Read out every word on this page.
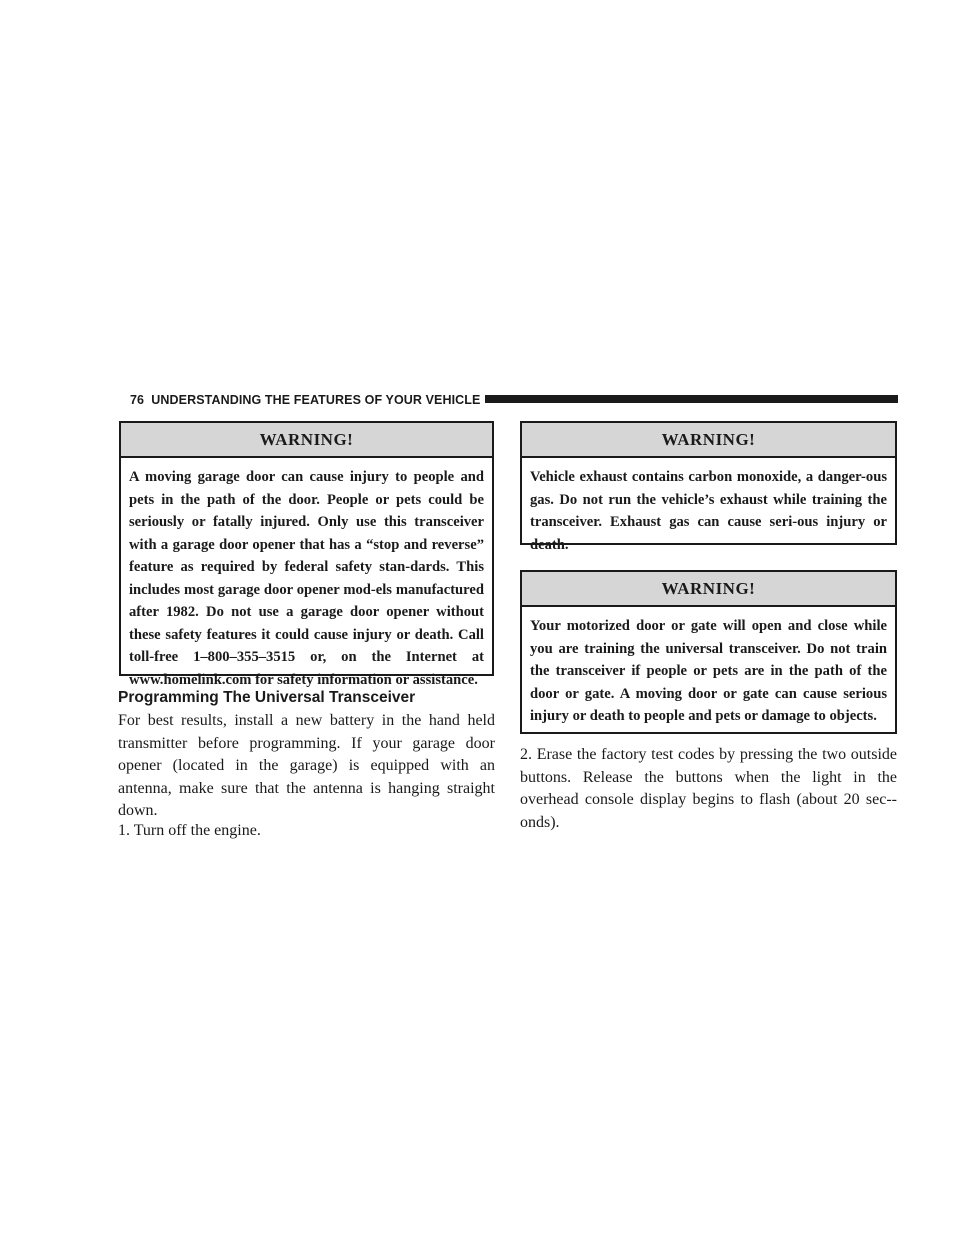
76 UNDERSTANDING THE FEATURES OF YOUR VEHICLE
WARNING!
A moving garage door can cause injury to people and pets in the path of the door. People or pets could be seriously or fatally injured. Only use this transceiver with a garage door opener that has a “stop and reverse” feature as required by federal safety stan-dards. This includes most garage door opener mod-els manufactured after 1982. Do not use a garage door opener without these safety features it could cause injury or death. Call toll-free 1–800–355–3515 or, on the Internet at www.homelink.com for safety information or assistance.
Programming The Universal Transceiver
For best results, install a new battery in the hand held transmitter before programming. If your garage door opener (located in the garage) is equipped with an antenna, make sure that the antenna is hanging straight down.
1. Turn off the engine.
WARNING!
Vehicle exhaust contains carbon monoxide, a danger-ous gas. Do not run the vehicle’s exhaust while training the transceiver. Exhaust gas can cause seri-ous injury or death.
WARNING!
Your motorized door or gate will open and close while you are training the universal transceiver. Do not train the transceiver if people or pets are in the path of the door or gate. A moving door or gate can cause serious injury or death to people and pets or damage to objects.
2. Erase the factory test codes by pressing the two outside buttons. Release the buttons when the light in the overhead console display begins to flash (about 20 sec-onds).
